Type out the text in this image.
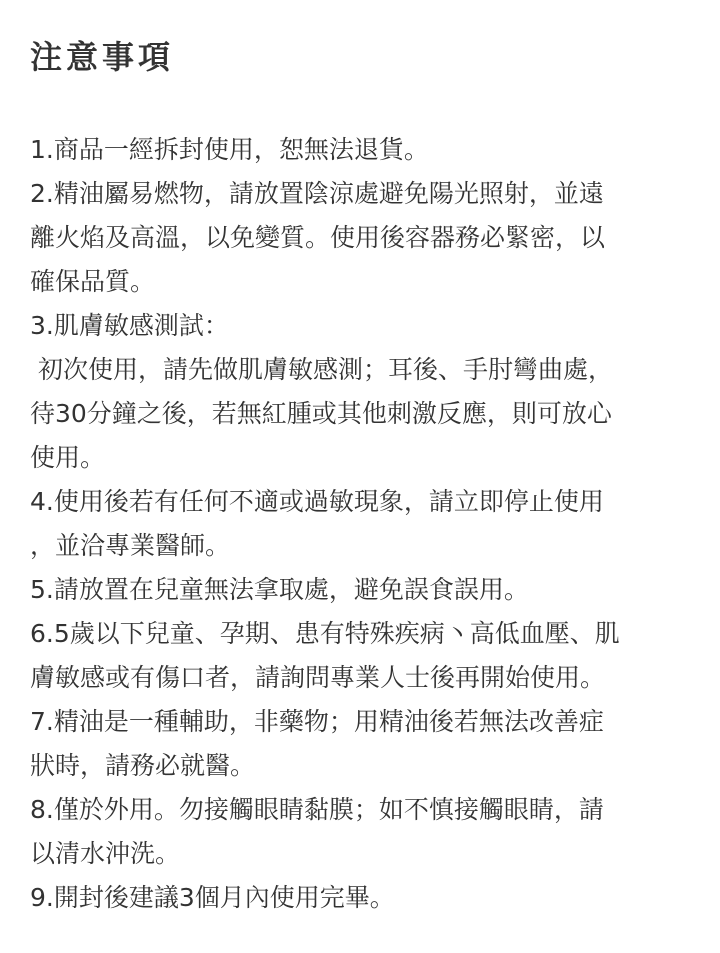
注意事項
1.商品一經拆封使用，恕無法退貨。
2.精油屬易燃物，請放置陰涼處避免陽光照射，並遠
離火焰及高溫，以免變質。使用後容器務必緊密，以
確保品質。
3.肌膚敏感測試：
初次使用，請先做肌膚敏感測；耳後、手肘彎曲處，
待30分鐘之後，若無紅腫或其他刺激反應，則可放心
使用。
4.使用後若有任何不適或過敏現象，請立即停止使用
，並洽專業醫師。
5.請放置在兒童無法拿取處，避免誤食誤用。
6.5歲以下兒童、孕期、患有特殊疾病丶高低血壓、肌
膚敏感或有傷口者，請詢問專業人士後再開始使用。
7.精油是一種輔助，非藥物；用精油後若無法改善症
狀時，請務必就醫。
8.僅於外用。勿接觸眼睛黏膜；如不慎接觸眼睛，請
以清水沖洗。
9.開封後建議3個月內使用完畢。
